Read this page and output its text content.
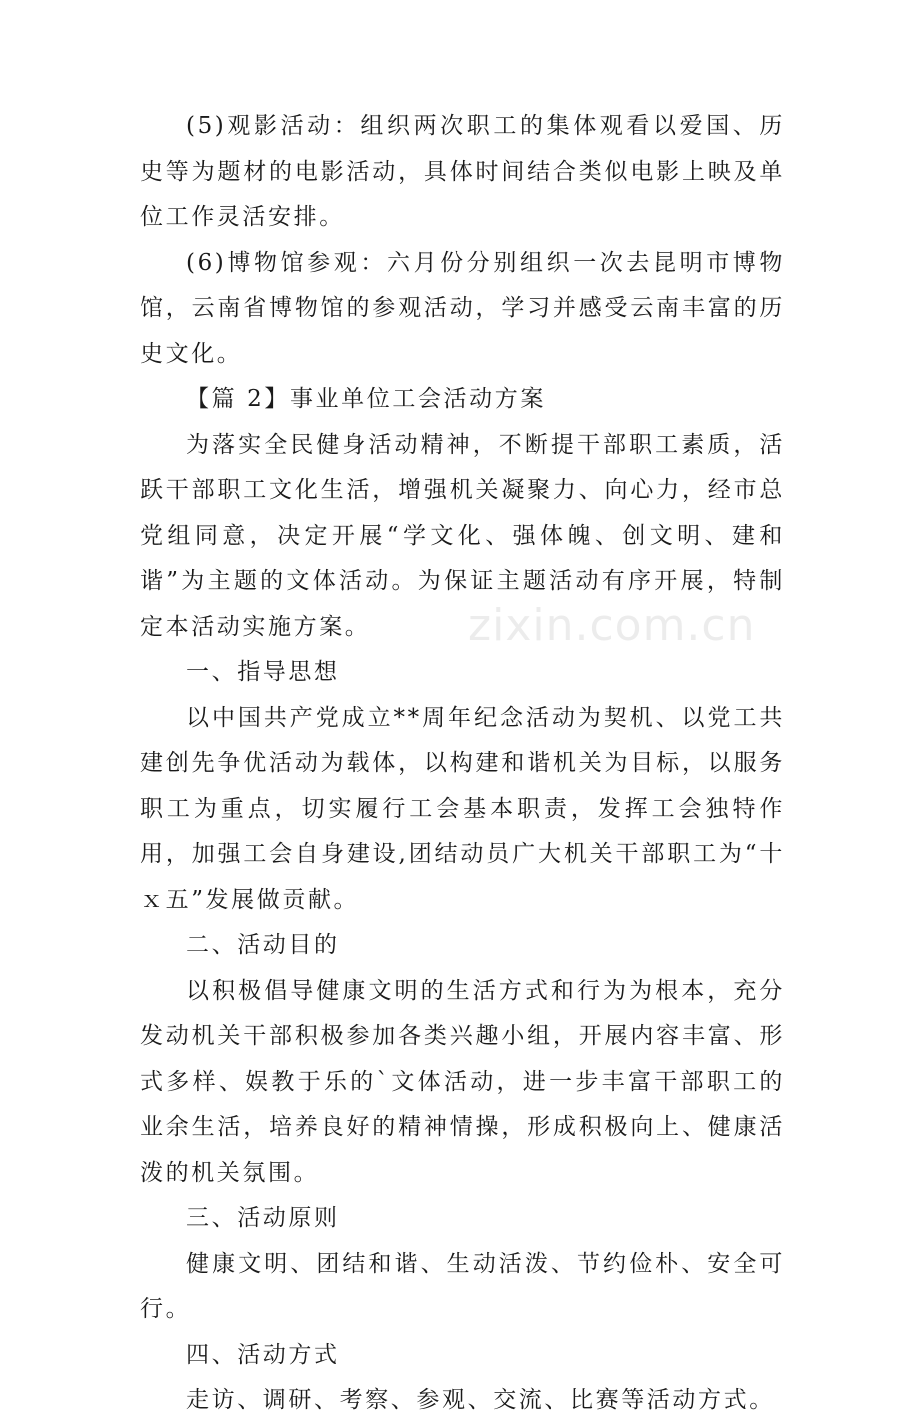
(5)观影活动：组织两次职工的集体观看以爱国、历史等为题材的电影活动，具体时间结合类似电影上映及单位工作灵活安排。

(6)博物馆参观：六月份分别组织一次去昆明市博物馆，云南省博物馆的参观活动，学习并感受云南丰富的历史文化。

【篇 2】事业单位工会活动方案

为落实全民健身活动精神，不断提干部职工素质，活跃干部职工文化生活，增强机关凝聚力、向心力，经市总党组同意，决定开展“学文化、强体魄、创文明、建和谐”为主题的文体活动。为保证主题活动有序开展，特制定本活动实施方案。

一、指导思想

以中国共产党成立**周年纪念活动为契机、以党工共建创先争优活动为载体，以构建和谐机关为目标，以服务职工为重点，切实履行工会基本职责，发挥工会独特作用，加强工会自身建设,团结动员广大机关干部职工为“十ｘ五”发展做贡献。

二、活动目的

以积极倡导健康文明的生活方式和行为为根本，充分发动机关干部积极参加各类兴趣小组，开展内容丰富、形式多样、娱教于乐的`文体活动，进一步丰富干部职工的业余生活，培养良好的精神情操，形成积极向上、健康活泼的机关氛围。

三、活动原则

健康文明、团结和谐、生动活泼、节约俭朴、安全可行。

四、活动方式

走访、调研、考察、参观、交流、比赛等活动方式。

zixin.com.cn
